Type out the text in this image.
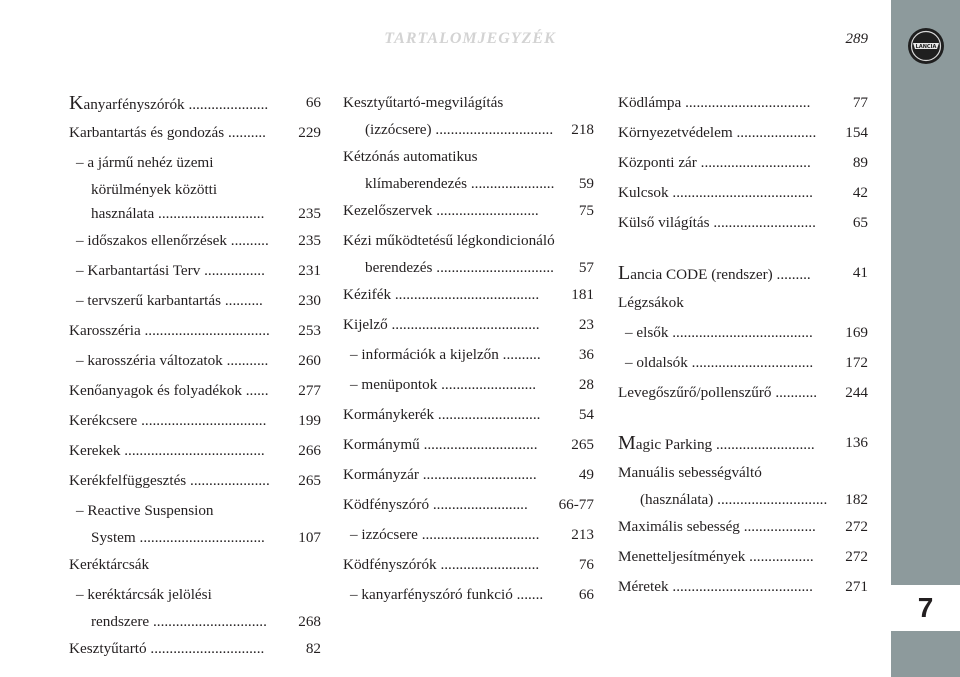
TARTALOMJEGYZÉK	289	LANCIA
7
Kanyarfényszórók ..................... 66
Karbantartás és gondozás .......... 229
– a jármű nehéz üzemi
körülmények közötti
használata ............................ 235
– időszakos ellenőrzések .......... 235
– Karbantartási Terv ................ 231
– tervszerű karbantartás .......... 230
Karosszéria ................................. 253
– karosszéria változatok ........... 260
Kenőanyagok és folyadékok ...... 277
Kerékcsere ................................. 199
Kerekek ..................................... 266
Kerékfelfüggesztés ..................... 265
– Reactive Suspension
System ................................. 107
Keréktárcsák
– keréktárcsák jelölési
rendszere .............................. 268
Kesztyűtartó ..............................	82
Kesztyűtartó-megvilágítás
(izzócsere) ............................... 218
Kétzónás automatikus
klímaberendezés ...................... 59
Kezelőszervek ...........................	75
Kézi működtetésű légkondicionáló
berendezés ............................... 57
Kézifék ...................................... 181
Kijelző .......................................	23
– információk a kijelzőn ..........	36
– menüpontok .........................	28
Kormánykerék ...........................	54
Kormánymű .............................. 265
Kormányzár ..............................	49
Ködfényszóró ......................... 66-77
– izzócsere ............................... 213
Ködfényszórók ..........................	76
– kanyarfényszóró funkció ....... 66
Ködlámpa .................................	77
Környezetvédelem ..................... 154
Központi zár .............................	89
Kulcsok .....................................	42
Külső világítás ........................... 65
Lancia CODE (rendszer) .........	41
Légzsákok
– elsők ..................................... 169
– oldalsók ................................ 172
Levegőszűrő/pollenszűrő ........... 244
Magic Parking .......................... 136
Manuális sebességváltó
(használata) ............................. 182
Maximális sebesség ................... 272
Menetteljesítmények ................. 272
Méretek ..................................... 271
